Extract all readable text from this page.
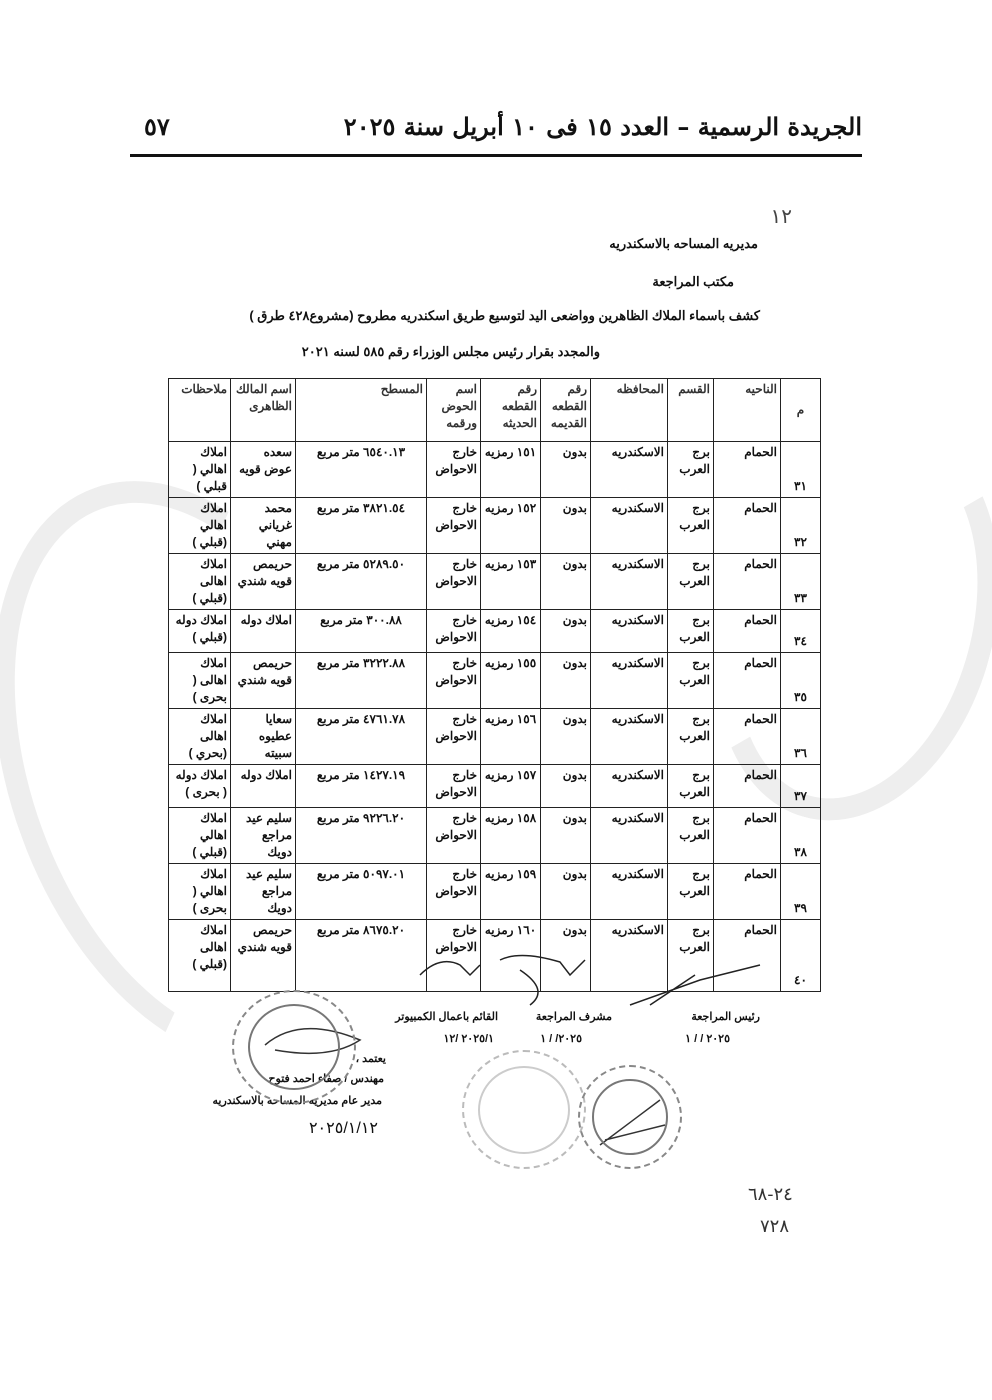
الجريدة الرسمية – العدد ١٥ فى ١٠ أبريل سنة ٢٠٢٥
٥٧
١٢
مديريه المساحه بالاسكندريه
مكتب المراجعة
كشف باسماء الملاك الظاهرين وواضعى اليد لتوسيع طريق اسكندريه مطروح (مشروع٤٢٨ طرق )
والمجدد بقرار رئيس مجلس الوزراء رقم ٥٨٥ لسنه ٢٠٢١
م	الناحيه	القسم	المحافظه	رقم القطعه القديمه	رقم القطعه الحديثه	اسم الحوض ورقمه	المسطح	اسم المالك الظاهرى	ملاحظات
٣١	الحمام	برج العرب	الاسكندريه	بدون	١٥١ رمزيه	خارج الاحواض	٦٥٤٠.١٣ متر مربع	سعده عوض قويه	املاك اهالي ( قبلي )
٣٢	الحمام	برج العرب	الاسكندريه	بدون	١٥٢ رمزيه	خارج الاحواض	٣٨٢١.٥٤ متر مربع	محمد غرياني مهني	املاك اهالي (قبلي )
٣٣	الحمام	برج العرب	الاسكندريه	بدون	١٥٣ رمزيه	خارج الاحواض	٥٢٨٩.٥٠ متر مربع	حريمص قويه شندي	املاك اهالى (قبلي )
٣٤	الحمام	برج العرب	الاسكندريه	بدون	١٥٤ رمزيه	خارج الاحواض	٣٠٠.٨٨ متر مربع	املاك دوله	املاك دوله (قبلي )
٣٥	الحمام	برج العرب	الاسكندريه	بدون	١٥٥ رمزيه	خارج الاحواض	٣٢٢٢.٨٨ متر مربع	حريمص قويه شندي	املاك اهالى ( بحرى )
٣٦	الحمام	برج العرب	الاسكندريه	بدون	١٥٦ رمزيه	خارج الاحواض	٤٧٦١.٧٨ متر مربع	سعايا عطيوه سبيته	املاك اهالى (بحري )
٣٧	الحمام	برج العرب	الاسكندريه	بدون	١٥٧ رمزيه	خارج الاحواض	١٤٢٧.١٩ متر مربع	املاك دوله	املاك دوله ( بحرى )
٣٨	الحمام	برج العرب	الاسكندريه	بدون	١٥٨ رمزيه	خارج الاحواض	٩٢٢٦.٢٠ متر مربع	سليم عيد مراجع دويك	املاك اهالي (قبلي )
٣٩	الحمام	برج العرب	الاسكندريه	بدون	١٥٩ رمزيه	خارج الاحواض	٥٠٩٧.٠١ متر مربع	سليم عيد مراجع دويك	املاك اهالي ( بحرى )
٤٠	الحمام	برج العرب	الاسكندريه	بدون	١٦٠ رمزيه	خارج الاحواض	٨٦٧٥.٢٠ متر مربع	حريمص قويه شندي	املاك اهالى (قبلي )
رئيس المراجعة
٢٠٢٥ / / ١
مشرف المراجعة
٢٠٢٥/ / ١
القائم باعمال الكمبيوتر
٢٠٢٥/١ /١٢
يعتمد ،
مهندس / صفاء احمد فتوح
مدير عام مديريه المساحه بالاسكندريه
٢٠٢٥/١/١٢
٢٤-٦٨
٧٢٨
